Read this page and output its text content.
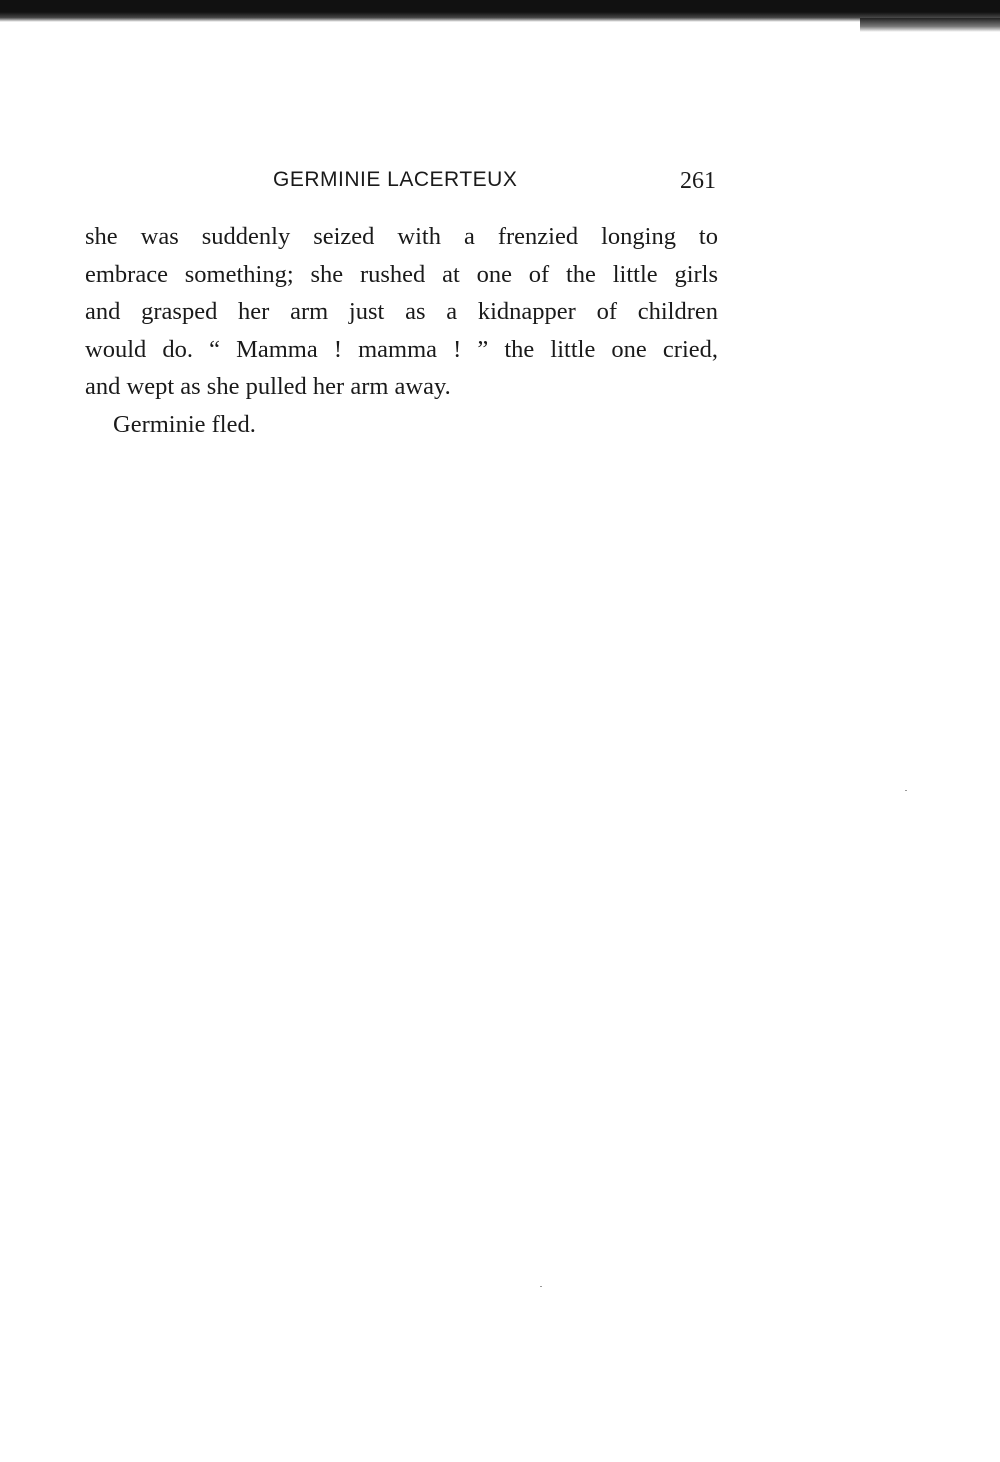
GERMINIE LACERTEUX	261

she was suddenly seized with a frenzied longing to
embrace something; she rushed at one of the little girls
and grasped her arm just as a kidnapper of children
would do. “ Mamma ! mamma ! ” the little one cried,
and wept as she pulled her arm away.

Germinie fled.
